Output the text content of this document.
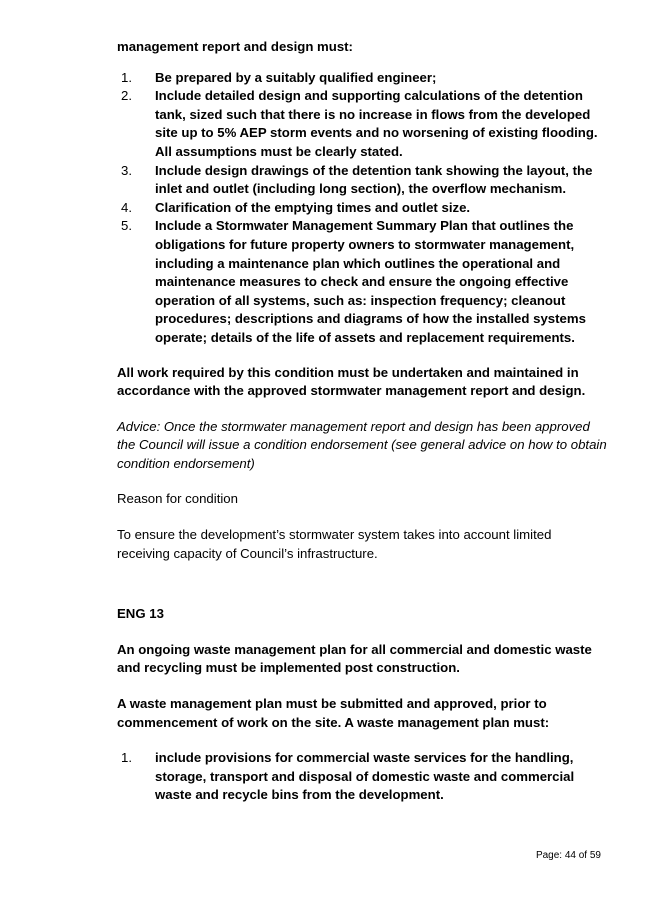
management report and design must:

1. Be prepared by a suitably qualified engineer;
2. Include detailed design and supporting calculations of the detention tank, sized such that there is no increase in flows from the developed site up to 5% AEP storm events and no worsening of existing flooding. All assumptions must be clearly stated.
3. Include design drawings of the detention tank showing the layout, the inlet and outlet (including long section), the overflow mechanism.
4. Clarification of the emptying times and outlet size.
5. Include a Stormwater Management Summary Plan that outlines the obligations for future property owners to stormwater management, including a maintenance plan which outlines the operational and maintenance measures to check and ensure the ongoing effective operation of all systems, such as: inspection frequency; cleanout procedures; descriptions and diagrams of how the installed systems operate; details of the life of assets and replacement requirements.

All work required by this condition must be undertaken and maintained in accordance with the approved stormwater management report and design.

Advice: Once the stormwater management report and design has been approved the Council will issue a condition endorsement (see general advice on how to obtain condition endorsement)

Reason for condition

To ensure the development’s stormwater system takes into account limited receiving capacity of Council’s infrastructure.

ENG 13

An ongoing waste management plan for all commercial and domestic waste and recycling must be implemented post construction.

A waste management plan must be submitted and approved, prior to commencement of work on the site. A waste management plan must:

1. include provisions for commercial waste services for the handling, storage, transport and disposal of domestic waste and commercial waste and recycle bins from the development.
Page: 44 of 59
